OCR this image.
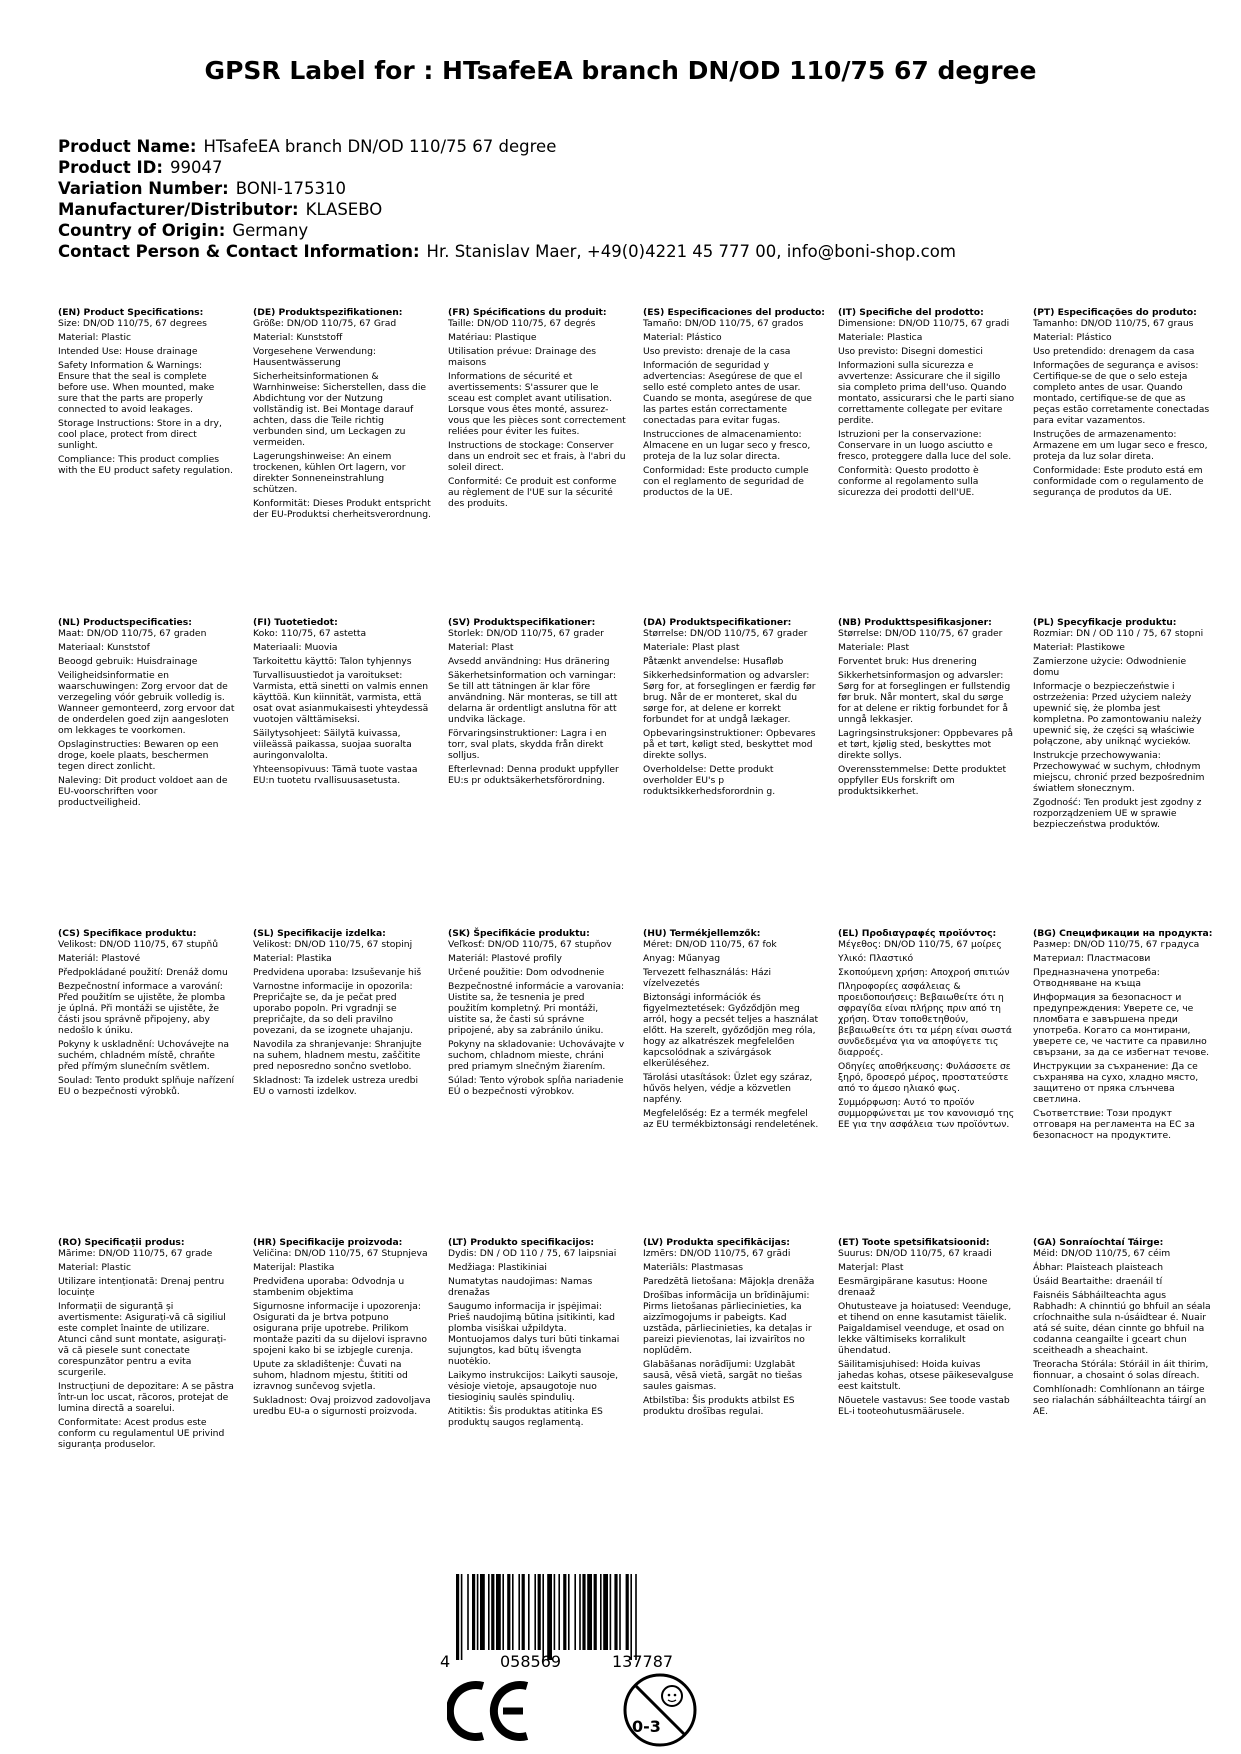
GPSR Label for : HTsafeEA branch DN/OD 110/75 67 degree
Product Name: HTsafeEA branch DN/OD 110/75 67 degree
Product ID: 99047
Variation Number: BONI-175310
Manufacturer/Distributor: KLASEBO
Country of Origin: Germany
Contact Person & Contact Information: Hr. Stanislav Maer, +49(0)4221 45 777 00, info@boni-shop.com
(EN) Product Specifications:
Size: DN/OD 110/75, 67 degrees
Material: Plastic
Intended Use: House drainage
Safety Information & Warnings: Ensure that the seal is complete before use. When mounted, make sure that the parts are properly connected to avoid leakages.
Storage Instructions: Store in a dry, cool place, protect from direct sunlight.
Compliance: This product complies with the EU product safety regulation.
(DE) Produktspezifikationen:
Größe: DN/OD 110/75, 67 Grad
Material: Kunststoff
Vorgesehene Verwendung: Hausentwässerung
Sicherheitsinformationen & Warnhinweise: Sicherstellen, dass die Abdichtung vor der Nutzung vollständig ist. Bei Montage darauf achten, dass die Teile richtig verbunden sind, um Leckagen zu vermeiden.
Lagerungshinweise: An einem trockenen, kühlen Ort lagern, vor direkter Sonneneinstrahlung schützen.
Konformität: Dieses Produkt entspricht der EU-Produktsi cherheitsverordnung.
(FR) Spécifications du produit:
Taille: DN/OD 110/75, 67 degrés
Matériau: Plastique
Utilisation prévue: Drainage des maisons
Informations de sécurité et avertissements: S'assurer que le sceau est complet avant utilisation. Lorsque vous êtes monté, assurez-vous que les pièces sont correctement reliées pour éviter les fuites.
Instructions de stockage: Conserver dans un endroit sec et frais, à l'abri du soleil direct.
Conformité: Ce produit est conforme au règlement de l'UE sur la sécurité des produits.
(ES) Especificaciones del producto:
Tamaño: DN/OD 110/75, 67 grados
Material: Plástico
Uso previsto: drenaje de la casa
Información de seguridad y advertencias: Asegúrese de que el sello esté completo antes de usar. Cuando se monta, asegúrese de que las partes están correctamente conectadas para evitar fugas.
Instrucciones de almacenamiento: Almacene en un lugar seco y fresco, proteja de la luz solar directa.
Conformidad: Este producto cumple con el reglamento de seguridad de productos de la UE.
(IT) Specifiche del prodotto:
Dimensione: DN/OD 110/75, 67 gradi
Materiale: Plastica
Uso previsto: Disegni domestici
Informazioni sulla sicurezza e avvertenze: Assicurare che il sigillo sia completo prima dell'uso. Quando montato, assicurarsi che le parti siano correttamente collegate per evitare perdite.
Istruzioni per la conservazione: Conservare in un luogo asciutto e fresco, proteggere dalla luce del sole.
Conformità: Questo prodotto è conforme al regolamento sulla sicurezza dei prodotti dell'UE.
(PT) Especificações do produto:
Tamanho: DN/OD 110/75, 67 graus
Material: Plástico
Uso pretendido: drenagem da casa
Informações de segurança e avisos: Certifique-se de que o selo esteja completo antes de usar. Quando montado, certifique-se de que as peças estão corretamente conectadas para evitar vazamentos.
Instruções de armazenamento: Armazene em um lugar seco e fresco, proteja da luz solar direta.
Conformidade: Este produto está em conformidade com o regulamento de segurança de produtos da UE.
(NL) Productspecificaties:
Maat: DN/OD 110/75, 67 graden
Materiaal: Kunststof
Beoogd gebruik: Huisdrainage
Veiligheidsinformatie en waarschuwingen: Zorg ervoor dat de verzegeling vóór gebruik volledig is. Wanneer gemonteerd, zorg ervoor dat de onderdelen goed zijn aangesloten om lekkages te voorkomen.
Opslaginstructies: Bewaren op een droge, koele plaats, beschermen tegen direct zonlicht.
Naleving: Dit product voldoet aan de EU-voorschriften voor productveiligheid.
(FI) Tuotetiedot:
Koko: 110/75, 67 astetta
Materiaali: Muovia
Tarkoitettu käyttö: Talon tyhjennys
Turvallisuustiedot ja varoitukset: Varmista, että sinetti on valmis ennen käyttöä. Kun kiinnität, varmista, että osat ovat asianmukaisesti yhteydessä vuotojen välttämiseksi.
Säilytysohjeet: Säilytä kuivassa, viileässä paikassa, suojaa suoralta auringonvalolta.
Yhteensopivuus: Tämä tuote vastaa EU:n tuotetu rvallisuusasetusta.
(SV) Produktspecifikationer:
Storlek: DN/OD 110/75, 67 grader
Material: Plast
Avsedd användning: Hus dränering
Säkerhetsinformation och varningar: Se till att tätningen är klar före användning. När monteras, se till att delarna är ordentligt anslutna för att undvika läckage.
Förvaringsinstruktioner: Lagra i en torr, sval plats, skydda från direkt solljus.
Efterlevnad: Denna produkt uppfyller EU:s pr oduktsäkerhetsförordning.
(DA) Produktspecifikationer:
Størrelse: DN/OD 110/75, 67 grader
Materiale: Plast plast
Påtænkt anvendelse: Husafløb
Sikkerhedsinformation og advarsler: Sørg for, at forseglingen er færdig før brug. Når de er monteret, skal du sørge for, at delene er korrekt forbundet for at undgå lækager.
Opbevaringsinstruktioner: Opbevares på et tørt, køligt sted, beskyttet mod direkte sollys.
Overholdelse: Dette produkt overholder EU's p roduktsikkerhedsforordnin g.
(NB) Produkttspesifikasjoner:
Størrelse: DN/OD 110/75, 67 grader
Materiale: Plast
Forventet bruk: Hus drenering
Sikkerhetsinformasjon og advarsler: Sørg for at forseglingen er fullstendig før bruk. Når montert, skal du sørge for at delene er riktig forbundet for å unngå lekkasjer.
Lagringsinstruksjoner: Oppbevares på et tørt, kjølig sted, beskyttes mot direkte sollys.
Overensstemmelse: Dette produktet oppfyller EUs forskrift om produktsikkerhet.
(PL) Specyfikacje produktu:
Rozmiar: DN / OD 110 / 75, 67 stopni
Materiał: Plastikowe
Zamierzone użycie: Odwodnienie domu
Informacje o bezpieczeństwie i ostrzeżenia: Przed użyciem należy upewnić się, że plomba jest kompletna. Po zamontowaniu należy upewnić się, że części są właściwie połączone, aby uniknąć wycieków.
Instrukcje przechowywania: Przechowywać w suchym, chłodnym miejscu, chronić przed bezpośrednim światłem słonecznym.
Zgodność: Ten produkt jest zgodny z rozporządzeniem UE w sprawie bezpieczeństwa produktów.
(CS) Specifikace produktu:
Velikost: DN/OD 110/75, 67 stupňů
Materiál: Plastové
Předpokládané použití: Drenáž domu
Bezpečnostní informace a varování: Před použitím se ujistěte, že plomba je úplná. Při montáži se ujistěte, že části jsou správně připojeny, aby nedošlo k úniku.
Pokyny k uskladnění: Uchovávejte na suchém, chladném místě, chraňte před přímým slunečním světlem.
Soulad: Tento produkt splňuje nařízení EU o bezpečnosti výrobků.
(SL) Specifikacije izdelka:
Velikost: DN/OD 110/75, 67 stopinj
Material: Plastika
Predvidena uporaba: Izsuševanje hiš
Varnostne informacije in opozorila: Prepričajte se, da je pečat pred uporabo popoln. Pri vgradnji se prepričajte, da so deli pravilno povezani, da se izognete uhajanju.
Navodila za shranjevanje: Shranjujte na suhem, hladnem mestu, zaščitite pred neposredno sončno svetlobo.
Skladnost: Ta izdelek ustreza uredbi EU o varnosti izdelkov.
(SK) Špecifikácie produktu:
Veľkosť: DN/OD 110/75, 67 stupňov
Materiál: Plastové profily
Určené použitie: Dom odvodnenie
Bezpečnostné informácie a varovania: Uistite sa, že tesnenia je pred použitím kompletný. Pri montáži, uistite sa, že časti sú správne pripojené, aby sa zabránilo úniku.
Pokyny na skladovanie: Uchovávajte v suchom, chladnom mieste, chráni pred priamym slnečným žiarením.
Súlad: Tento výrobok spĺňa nariadenie EÚ o bezpečnosti výrobkov.
(HU) Termékjellemzők:
Méret: DN/OD 110/75, 67 fok
Anyag: Műanyag
Tervezett felhasználás: Házi vízelvezetés
Biztonsági információk és figyelmeztetések: Győződjön meg arról, hogy a pecsét teljes a használat előtt. Ha szerelt, győződjön meg róla, hogy az alkatrészek megfelelően kapcsolódnak a szivárgások elkerüléséhez.
Tárolási utasítások: Üzlet egy száraz, hűvös helyen, védje a közvetlen napfény.
Megfelelőség: Ez a termék megfelel az EU termékbiztonsági rendeletének.
(EL) Προδιαγραφές προϊόντος:
Μέγεθος: DN/OD 110/75, 67 μοίρες
Υλικό: Πλαστικό
Σκοπούμενη χρήση: Αποχροή σπιτιών
Πληροφορίες ασφάλειας & προειδοποιήσεις: Βεβαιωθείτε ότι η σφραγίδα είναι πλήρης πριν από τη χρήση. Όταν τοποθετηθούν, βεβαιωθείτε ότι τα μέρη είναι σωστά συνδεδεμένα για να αποφύγετε τις διαρροές.
Οδηγίες αποθήκευσης: Φυλάσσετε σε ξηρό, δροσερό μέρος, προστατεύστε από το άμεσο ηλιακό φως.
Συμμόρφωση: Αυτό το προϊόν συμμορφώνεται με τον κανονισμό της ΕΕ για την ασφάλεια των προϊόντων.
(BG) Спецификации на продукта:
Размер: DN/OD 110/75, 67 градуса
Материал: Пластмасови
Предназначена употреба: Отводняване на къща
Информация за безопасност и предупреждения: Уверете се, че пломбата е завършена преди употреба. Когато са монтирани, уверете се, че частите са правилно свързани, за да се избегнат течове.
Инструкции за съхранение: Да се съхранява на сухо, хладно място, защитено от пряка слънчева светлина.
Съответствие: Този продукт отговаря на регламента на ЕС за безопасност на продуктите.
(RO) Specificații produs:
Mărime: DN/OD 110/75, 67 grade
Material: Plastic
Utilizare intenționată: Drenaj pentru locuințe
Informații de siguranță și avertismente: Asigurați-vă că sigiliul este complet înainte de utilizare. Atunci când sunt montate, asigurați-vă că piesele sunt conectate corespunzător pentru a evita scurgerile.
Instrucțiuni de depozitare: A se păstra într-un loc uscat, răcoros, protejat de lumina directă a soarelui.
Conformitate: Acest produs este conform cu regulamentul UE privind siguranța produselor.
(HR) Specifikacije proizvoda:
Veličina: DN/OD 110/75, 67 Stupnjeva
Materijal: Plastika
Predviđena uporaba: Odvodnja u stambenim objektima
Sigurnosne informacije i upozorenja: Osigurati da je brtva potpuno osigurana prije upotrebe. Prilikom montaže paziti da su dijelovi ispravno spojeni kako bi se izbjegle curenja.
Upute za skladištenje: Čuvati na suhom, hladnom mjestu, štititi od izravnog sunčevog svjetla.
Sukladnost: Ovaj proizvod zadovoljava uredbu EU-a o sigurnosti proizvoda.
(LT) Produkto specifikacijos:
Dydis: DN / OD 110 / 75, 67 laipsniai
Medžiaga: Plastikiniai
Numatytas naudojimas: Namas drenažas
Saugumo informacija ir įspėjimai: Prieš naudojimą būtina įsitikinti, kad plomba visiškai užpildyta. Montuojamos dalys turi būti tinkamai sujungtos, kad būtų išvengta nuotėkio.
Laikymo instrukcijos: Laikyti sausoje, vėsioje vietoje, apsaugotoje nuo tiesioginių saulės spindulių.
Atitiktis: Šis produktas atitinka ES produktų saugos reglamentą.
(LV) Produkta specifikācijas:
Izmērs: DN/OD 110/75, 67 grādi
Materiāls: Plastmasas
Paredzētā lietošana: Mājokļa drenāža
Drošības informācija un brīdinājumi: Pirms lietošanas pārliecinieties, ka aizzīmogojums ir pabeigts. Kad uzstāda, pārliecinieties, ka detaļas ir pareizi pievienotas, lai izvairītos no noplūdēm.
Glabāšanas norādījumi: Uzglabāt sausā, vēsā vietā, sargāt no tiešas saules gaismas.
Atbilstība: Šis produkts atbilst ES produktu drošības regulai.
(ET) Toote spetsifikatsioonid:
Suurus: DN/OD 110/75, 67 kraadi
Materjal: Plast
Eesmärgipärane kasutus: Hoone drenaaž
Ohutusteave ja hoiatused: Veenduge, et tihend on enne kasutamist täielik. Paigaldamisel veenduge, et osad on lekke vältimiseks korralikult ühendatud.
Säilitamisjuhised: Hoida kuivas jahedas kohas, otsese päikesevalguse eest kaitstult.
Nõuetele vastavus: See toode vastab EL-i tooteohutusmäärusele.
(GA) Sonraíochtaí Táirge:
Méid: DN/OD 110/75, 67 céim
Ábhar: Plaisteach plaisteach
Úsáid Beartaithe: draenáil tí
Faisnéis Sábháilteachta agus Rabhadh: A chinntiú go bhfuil an séala críochnaithe sula n-úsáidtear é. Nuair atá sé suite, déan cinnte go bhfuil na codanna ceangailte i gceart chun sceitheadh a sheachaint.
Treoracha Stórála: Stóráil in áit thirim, fionnuar, a chosaint ó solas díreach.
Comhlíonadh: Comhlíonann an táirge seo rialachán sábháilteachta táirgí an AE.
4	058569	137787
0-3
